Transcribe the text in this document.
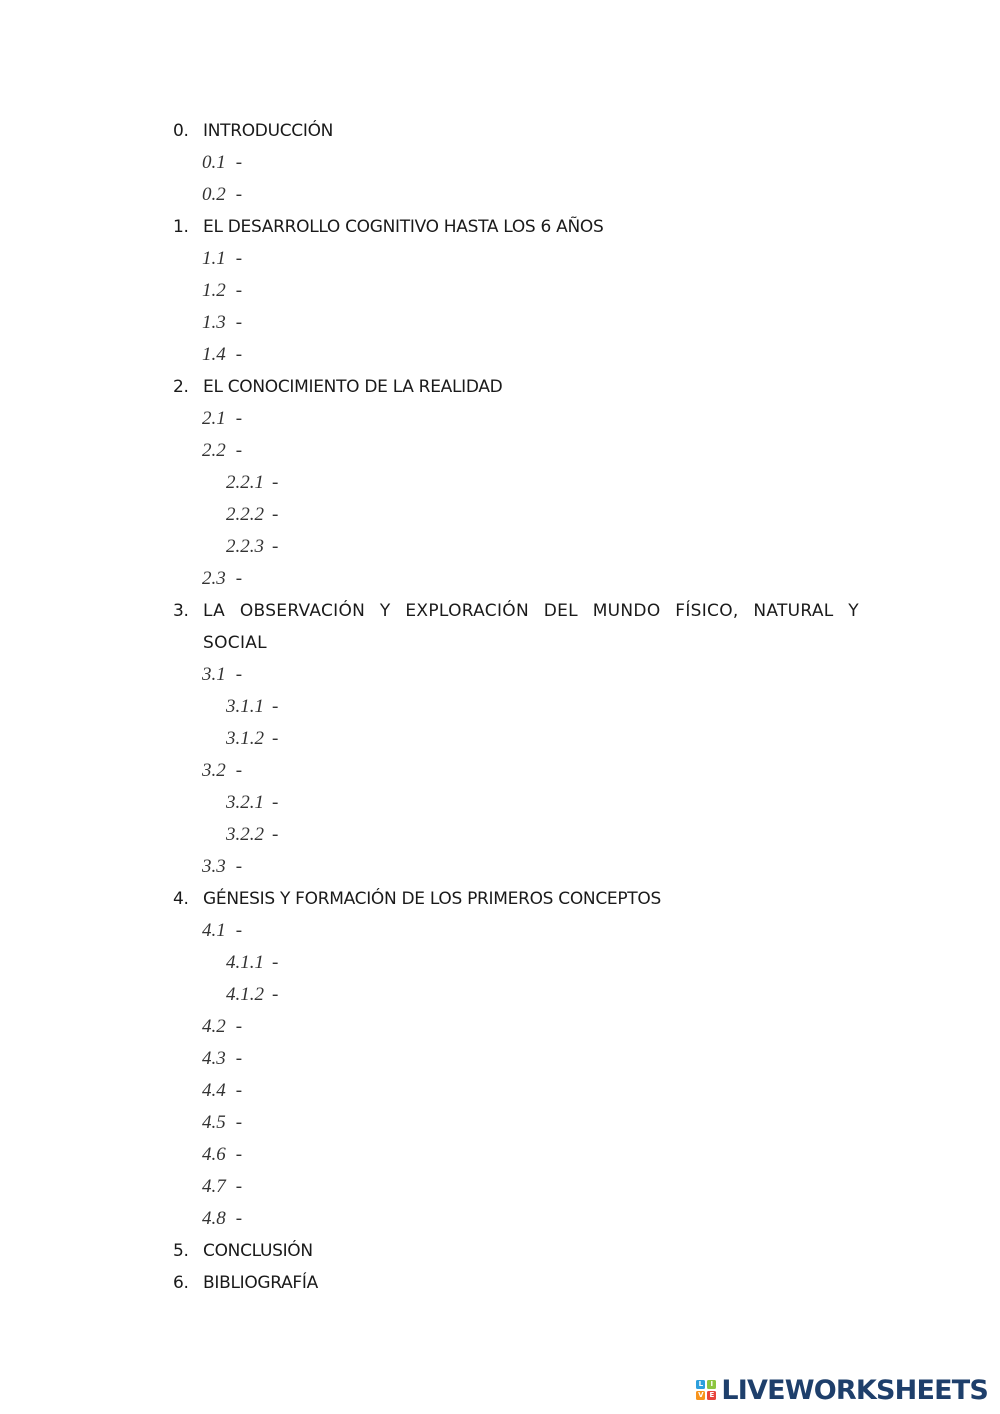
0. INTRODUCCIÓN
0.1 -
0.2 -
1. EL DESARROLLO COGNITIVO HASTA LOS 6 AÑOS
1.1 -
1.2 -
1.3 -
1.4 -
2. EL CONOCIMIENTO DE LA REALIDAD
2.1 -
2.2 -
2.2.1 -
2.2.2 -
2.2.3 -
2.3 -
3. LA OBSERVACIÓN Y EXPLORACIÓN DEL MUNDO FÍSICO, NATURAL Y SOCIAL
3.1 -
3.1.1 -
3.1.2 -
3.2 -
3.2.1 -
3.2.2 -
3.3 -
4. GÉNESIS Y FORMACIÓN DE LOS PRIMEROS CONCEPTOS
4.1 -
4.1.1 -
4.1.2 -
4.2 -
4.3 -
4.4 -
4.5 -
4.6 -
4.7 -
4.8 -
5. CONCLUSIÓN
6. BIBLIOGRAFÍA
L	I
V E LIVEWORKSHEETS
